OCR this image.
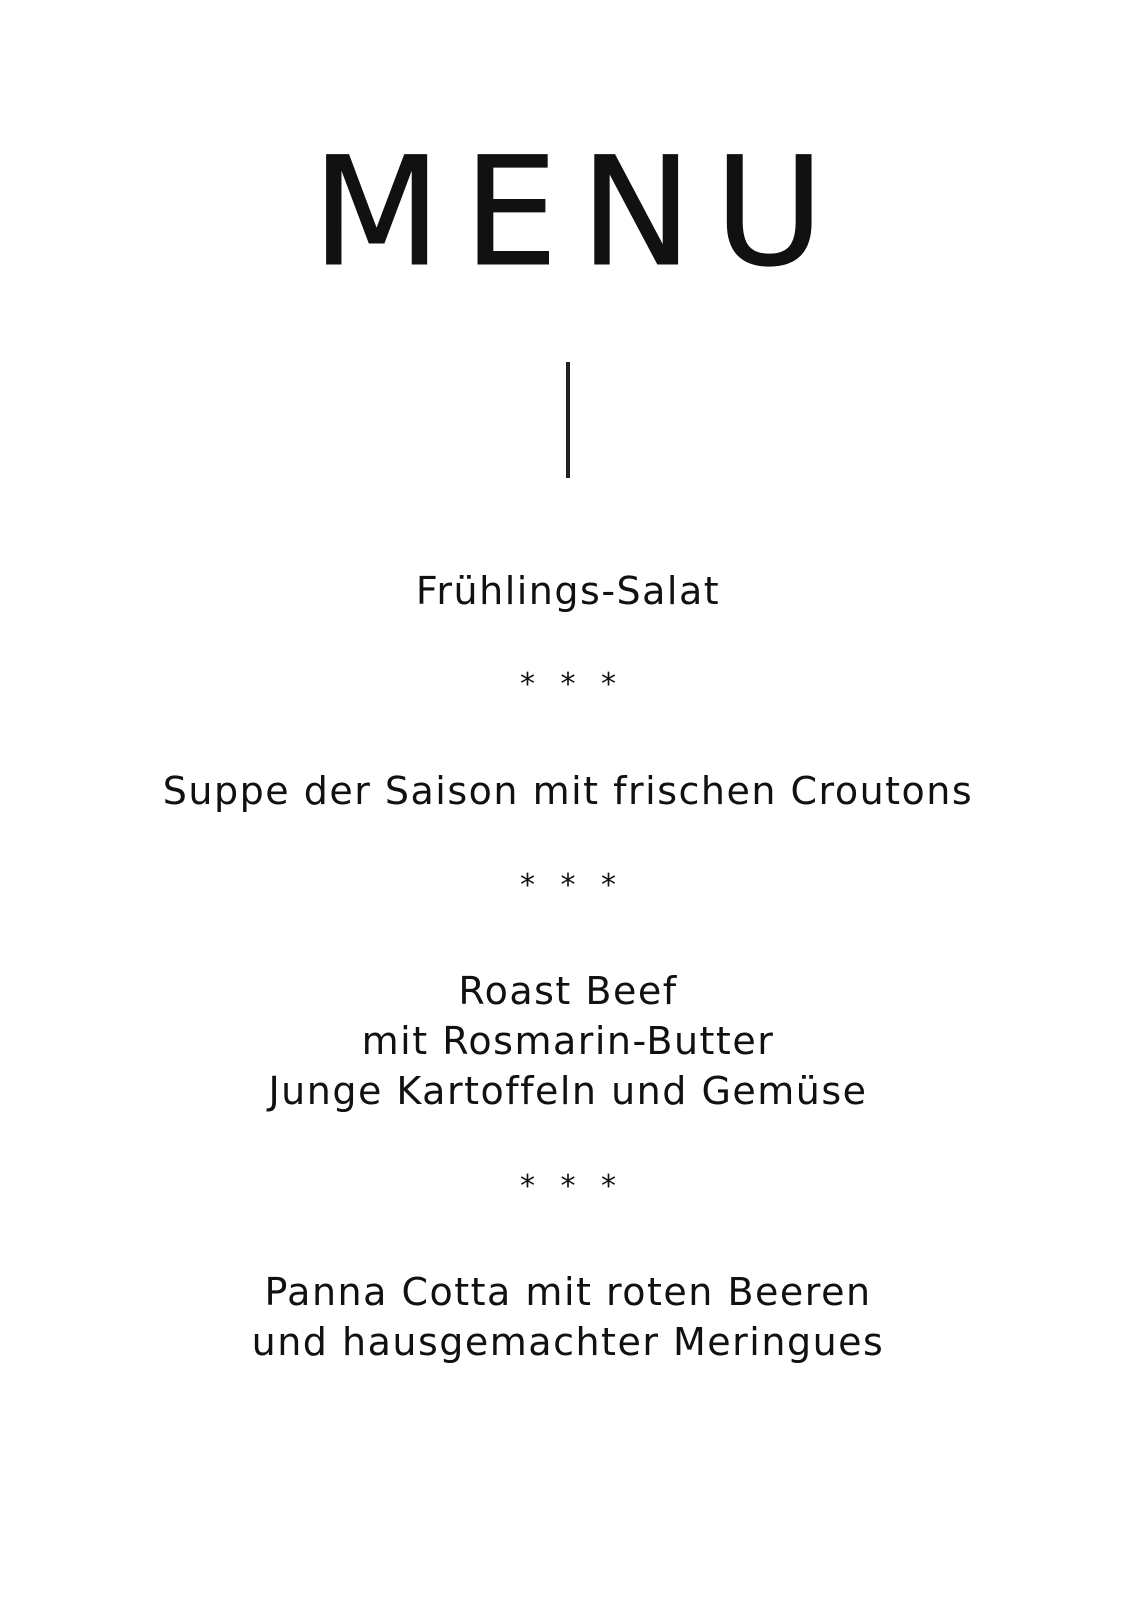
MENU
Frühlings-Salat
* * *
Suppe der Saison mit frischen Croutons
* * *
Roast Beef
mit Rosmarin-Butter
Junge Kartoffeln und Gemüse
* * *
Panna Cotta mit roten Beeren
und hausgemachter Meringues
